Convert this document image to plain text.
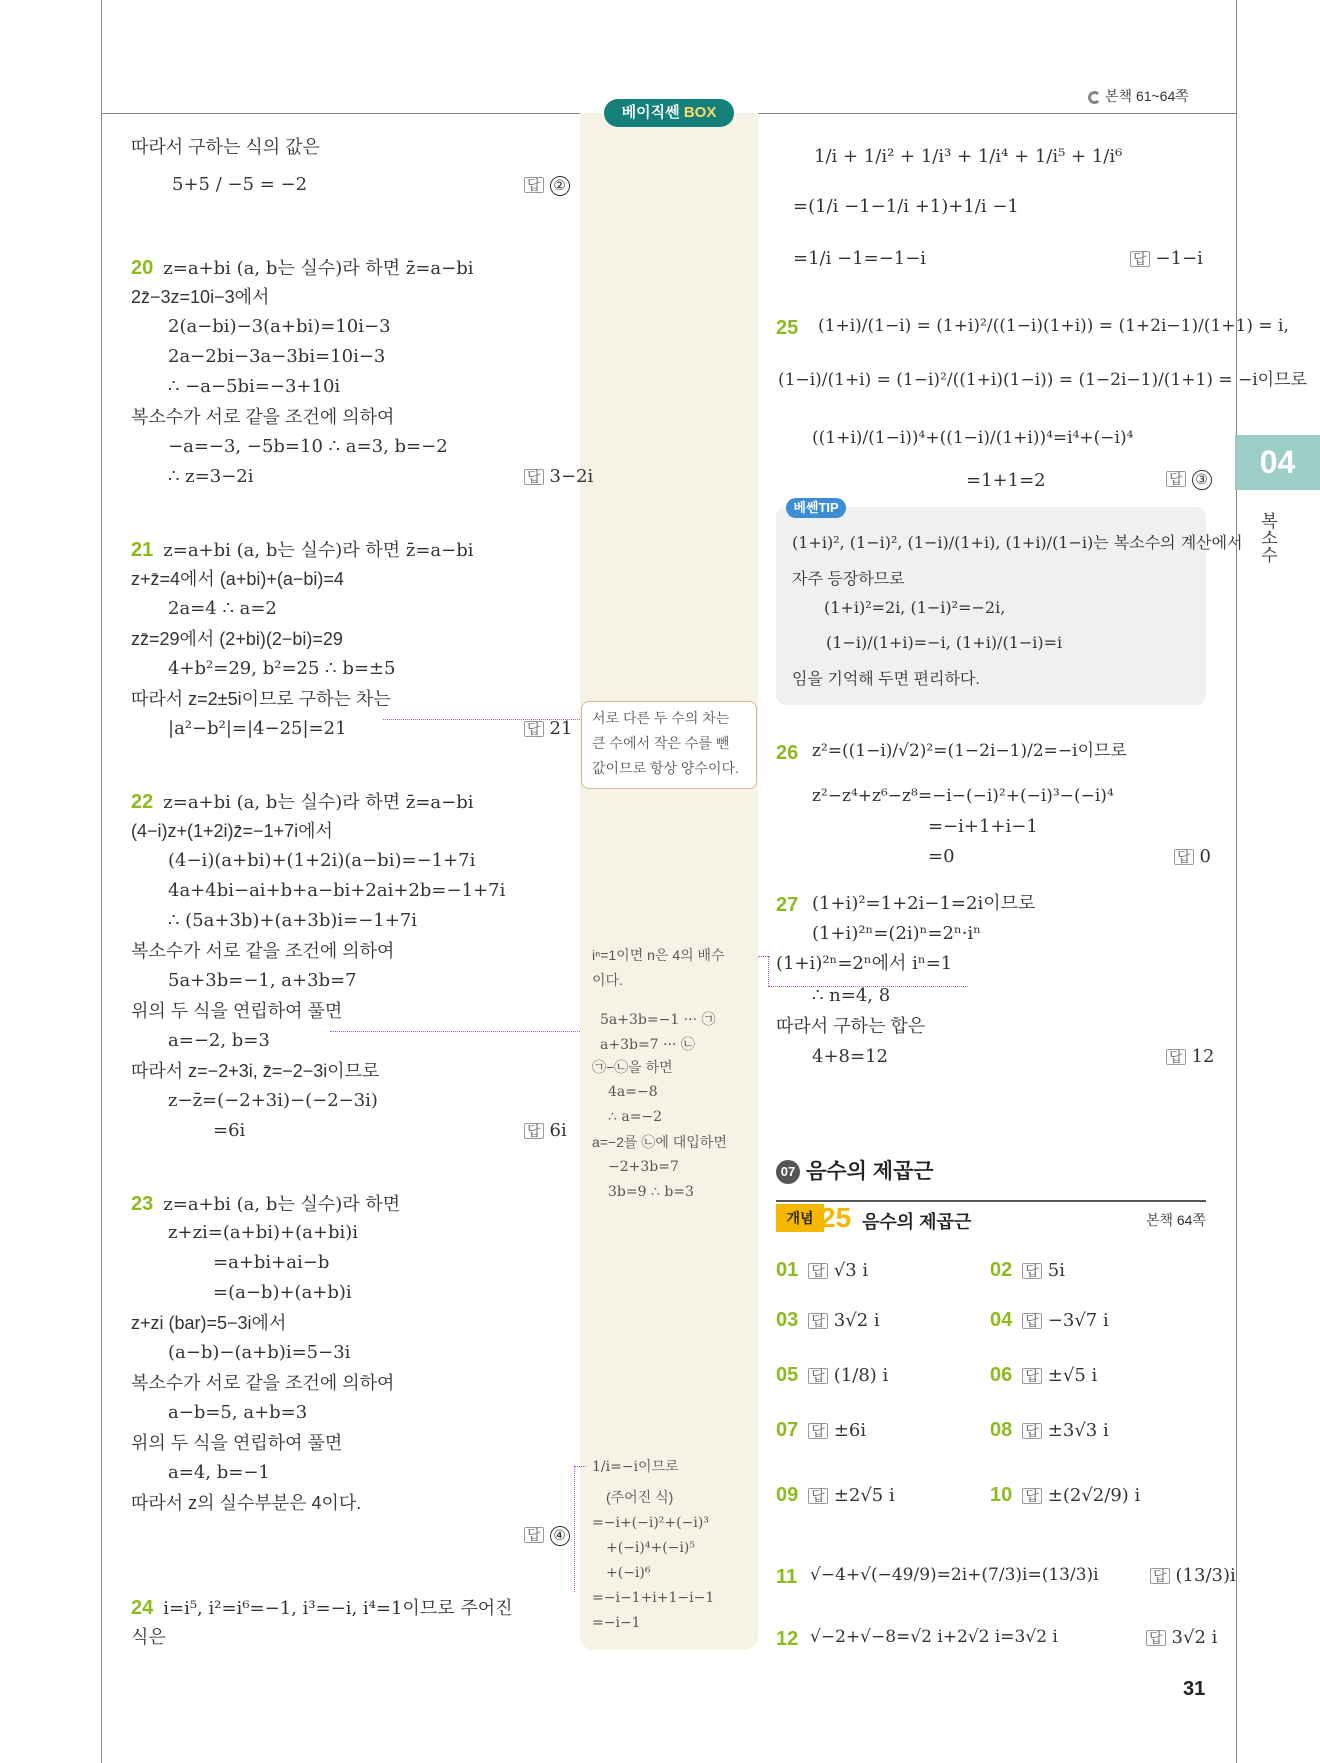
본책 61~64쪽
베이직쎈 BOX
04
복소수
따라서 구하는 식의 값은
5+5 / −5 = −2	답 ②
20 z=a+bi (a, b는 실수)라 하면 z̄=a−bi
2z̄−3z=10i−3에서
2(a−bi)−3(a+bi)=10i−3
2a−2bi−3a−3bi=10i−3
∴ −a−5bi=−3+10i
복소수가 서로 같을 조건에 의하여
−a=−3, −5b=10 ∴ a=3, b=−2
∴ z=3−2i	답 3−2i
21 z=a+bi (a, b는 실수)라 하면 z̄=a−bi
z+z̄=4에서 (a+bi)+(a−bi)=4
2a=4 ∴ a=2
zz̄=29에서 (2+bi)(2−bi)=29
4+b²=29, b²=25 ∴ b=±5
따라서 z=2±5i이므로 구하는 차는
|a²−b²|=|4−25|=21	답 21
22 z=a+bi (a, b는 실수)라 하면 z̄=a−bi
(4−i)z+(1+2i)z̄=−1+7i에서
(4−i)(a+bi)+(1+2i)(a−bi)=−1+7i
4a+4bi−ai+b+a−bi+2ai+2b=−1+7i
∴ (5a+3b)+(a+3b)i=−1+7i
복소수가 서로 같을 조건에 의하여
5a+3b=−1, a+3b=7
위의 두 식을 연립하여 풀면
a=−2, b=3
따라서 z=−2+3i, z̄=−2−3i이므로
z−z̄=(−2+3i)−(−2−3i)
=6i	답 6i
23 z=a+bi (a, b는 실수)라 하면
z+zi=(a+bi)+(a+bi)i
=a+bi+ai−b
=(a−b)+(a+b)i
z+zi (bar)=5−3i에서
(a−b)−(a+b)i=5−3i
복소수가 서로 같을 조건에 의하여
a−b=5, a+b=3
위의 두 식을 연립하여 풀면
a=4, b=−1
따라서 z의 실수부분은 4이다.
답 ④
24 i=i⁵, i²=i⁶=−1, i³=−i, i⁴=1이므로 주어진
식은
서로 다른 두 수의 차는 큰 수에서 작은 수를 뺀 값이므로 항상 양수이다.
iⁿ=1이면 n은 4의 배수
이다.
5a+3b=−1 ··· ㉠
a+3b=7 ··· ㉡
㉠−㉡을 하면
4a=−8
∴ a=−2
a=−2를 ㉡에 대입하면
−2+3b=7
3b=9 ∴ b=3
1/i=−i이므로
(주어진 식)
=−i+(−i)²+(−i)³
+(−i)⁴+(−i)⁵
+(−i)⁶
=−i−1+i+1−i−1
=−i−1
1/i + 1/i² + 1/i³ + 1/i⁴ + 1/i⁵ + 1/i⁶
=(1/i −1−1/i +1)+1/i −1
=1/i −1=−1−i	답 −1−i
25 (1+i)/(1−i) = (1+i)²/((1−i)(1+i)) = (1+2i−1)/(1+1) = i,
(1−i)/(1+i) = (1−i)²/((1+i)(1−i)) = (1−2i−1)/(1+1) = −i이므로
((1+i)/(1−i))⁴+((1−i)/(1+i))⁴=i⁴+(−i)⁴
=1+1=2	답 ③
베쎈TIP
(1+i)², (1−i)², (1−i)/(1+i), (1+i)/(1−i)는 복소수의 계산에서
자주 등장하므로
(1+i)²=2i, (1−i)²=−2i,
(1−i)/(1+i)=−i, (1+i)/(1−i)=i
임을 기억해 두면 편리하다.
26 z²=((1−i)/√2)²=(1−2i−1)/2=−i이므로
z²−z⁴+z⁶−z⁸=−i−(−i)²+(−i)³−(−i)⁴
=−i+1+i−1
=0	답 0
27 (1+i)²=1+2i−1=2i이므로
(1+i)²ⁿ=(2i)ⁿ=2ⁿ·iⁿ
(1+i)²ⁿ=2ⁿ에서 iⁿ=1
∴ n=4, 8
따라서 구하는 합은
4+8=12	답 12
07 음수의 제곱근
개념 25 음수의 제곱근	본책 64쪽
01 답 √3 i	02 답 5i
03 답 3√2 i	04 답 −3√7 i
05 답 (1/8) i	06 답 ±√5 i
07 답 ±6i	08 답 ±3√3 i
09 답 ±2√5 i	10 답 ±(2√2/9) i
11 √−4+√(−49/9)=2i+(7/3)i=(13/3)i	답 (13/3)i
12 √−2+√−8=√2 i+2√2 i=3√2 i	답 3√2 i
31
